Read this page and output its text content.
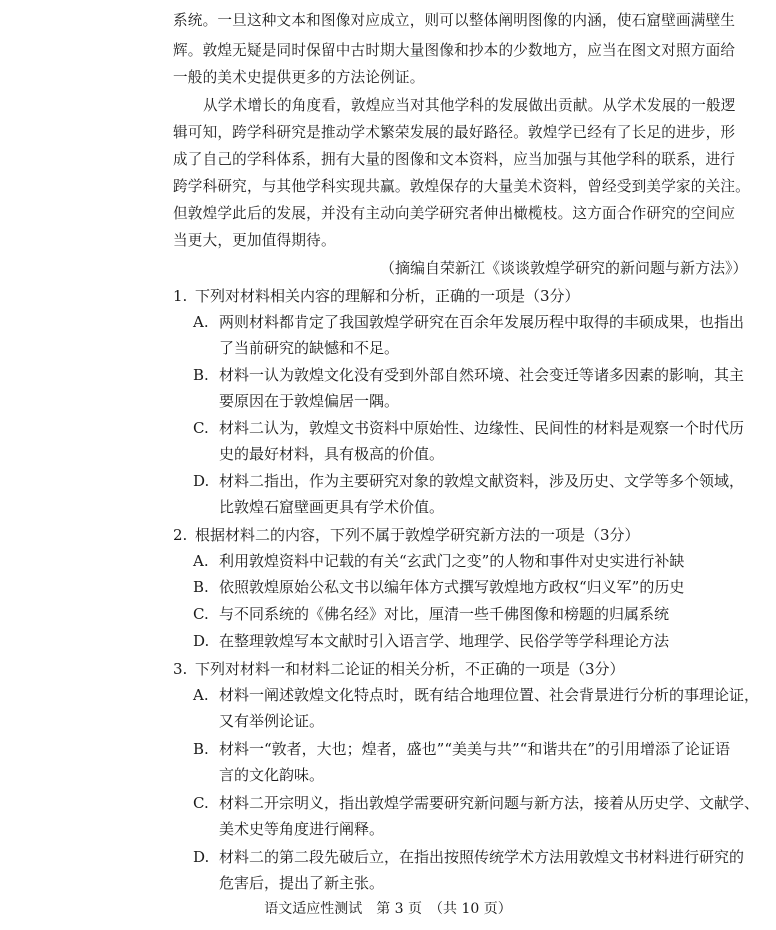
系统。一旦这种文本和图像对应成立，则可以整体阐明图像的内涵，使石窟壁画满壁生
辉。敦煌无疑是同时保留中古时期大量图像和抄本的少数地方，应当在图文对照方面给
一般的美术史提供更多的方法论例证。
从学术增长的角度看，敦煌应当对其他学科的发展做出贡献。从学术发展的一般逻
辑可知，跨学科研究是推动学术繁荣发展的最好路径。敦煌学已经有了长足的进步，形
成了自己的学科体系，拥有大量的图像和文本资料，应当加强与其他学科的联系，进行
跨学科研究，与其他学科实现共赢。敦煌保存的大量美术资料，曾经受到美学家的关注。
但敦煌学此后的发展，并没有主动向美学研究者伸出橄榄枝。这方面合作研究的空间应
当更大，更加值得期待。
（摘编自荣新江《谈谈敦煌学研究的新问题与新方法》）
1. 下列对材料相关内容的理解和分析，正确的一项是（3分）
A. 两则材料都肯定了我国敦煌学研究在百余年发展历程中取得的丰硕成果，也指出
了当前研究的缺憾和不足。
B. 材料一认为敦煌文化没有受到外部自然环境、社会变迁等诸多因素的影响，其主
要原因在于敦煌偏居一隅。
C. 材料二认为，敦煌文书资料中原始性、边缘性、民间性的材料是观察一个时代历
史的最好材料，具有极高的价值。
D. 材料二指出，作为主要研究对象的敦煌文献资料，涉及历史、文学等多个领域，
比敦煌石窟壁画更具有学术价值。
2. 根据材料二的内容，下列不属于敦煌学研究新方法的一项是（3分）
A. 利用敦煌资料中记载的有关“玄武门之变”的人物和事件对史实进行补缺
B. 依照敦煌原始公私文书以编年体方式撰写敦煌地方政权“归义军”的历史
C. 与不同系统的《佛名经》对比，厘清一些千佛图像和榜题的归属系统
D. 在整理敦煌写本文献时引入语言学、地理学、民俗学等学科理论方法
3. 下列对材料一和材料二论证的相关分析，不正确的一项是（3分）
A. 材料一阐述敦煌文化特点时，既有结合地理位置、社会背景进行分析的事理论证，
又有举例论证。
B. 材料一“敦者，大也；煌者，盛也”“美美与共”“和谐共在”的引用增添了论证语
言的文化韵味。
C. 材料二开宗明义，指出敦煌学需要研究新问题与新方法，接着从历史学、文献学、
美术史等角度进行阐释。
D. 材料二的第二段先破后立，在指出按照传统学术方法用敦煌文书材料进行研究的
危害后，提出了新主张。
语文适应性测试　第 3 页　（共 10 页）
